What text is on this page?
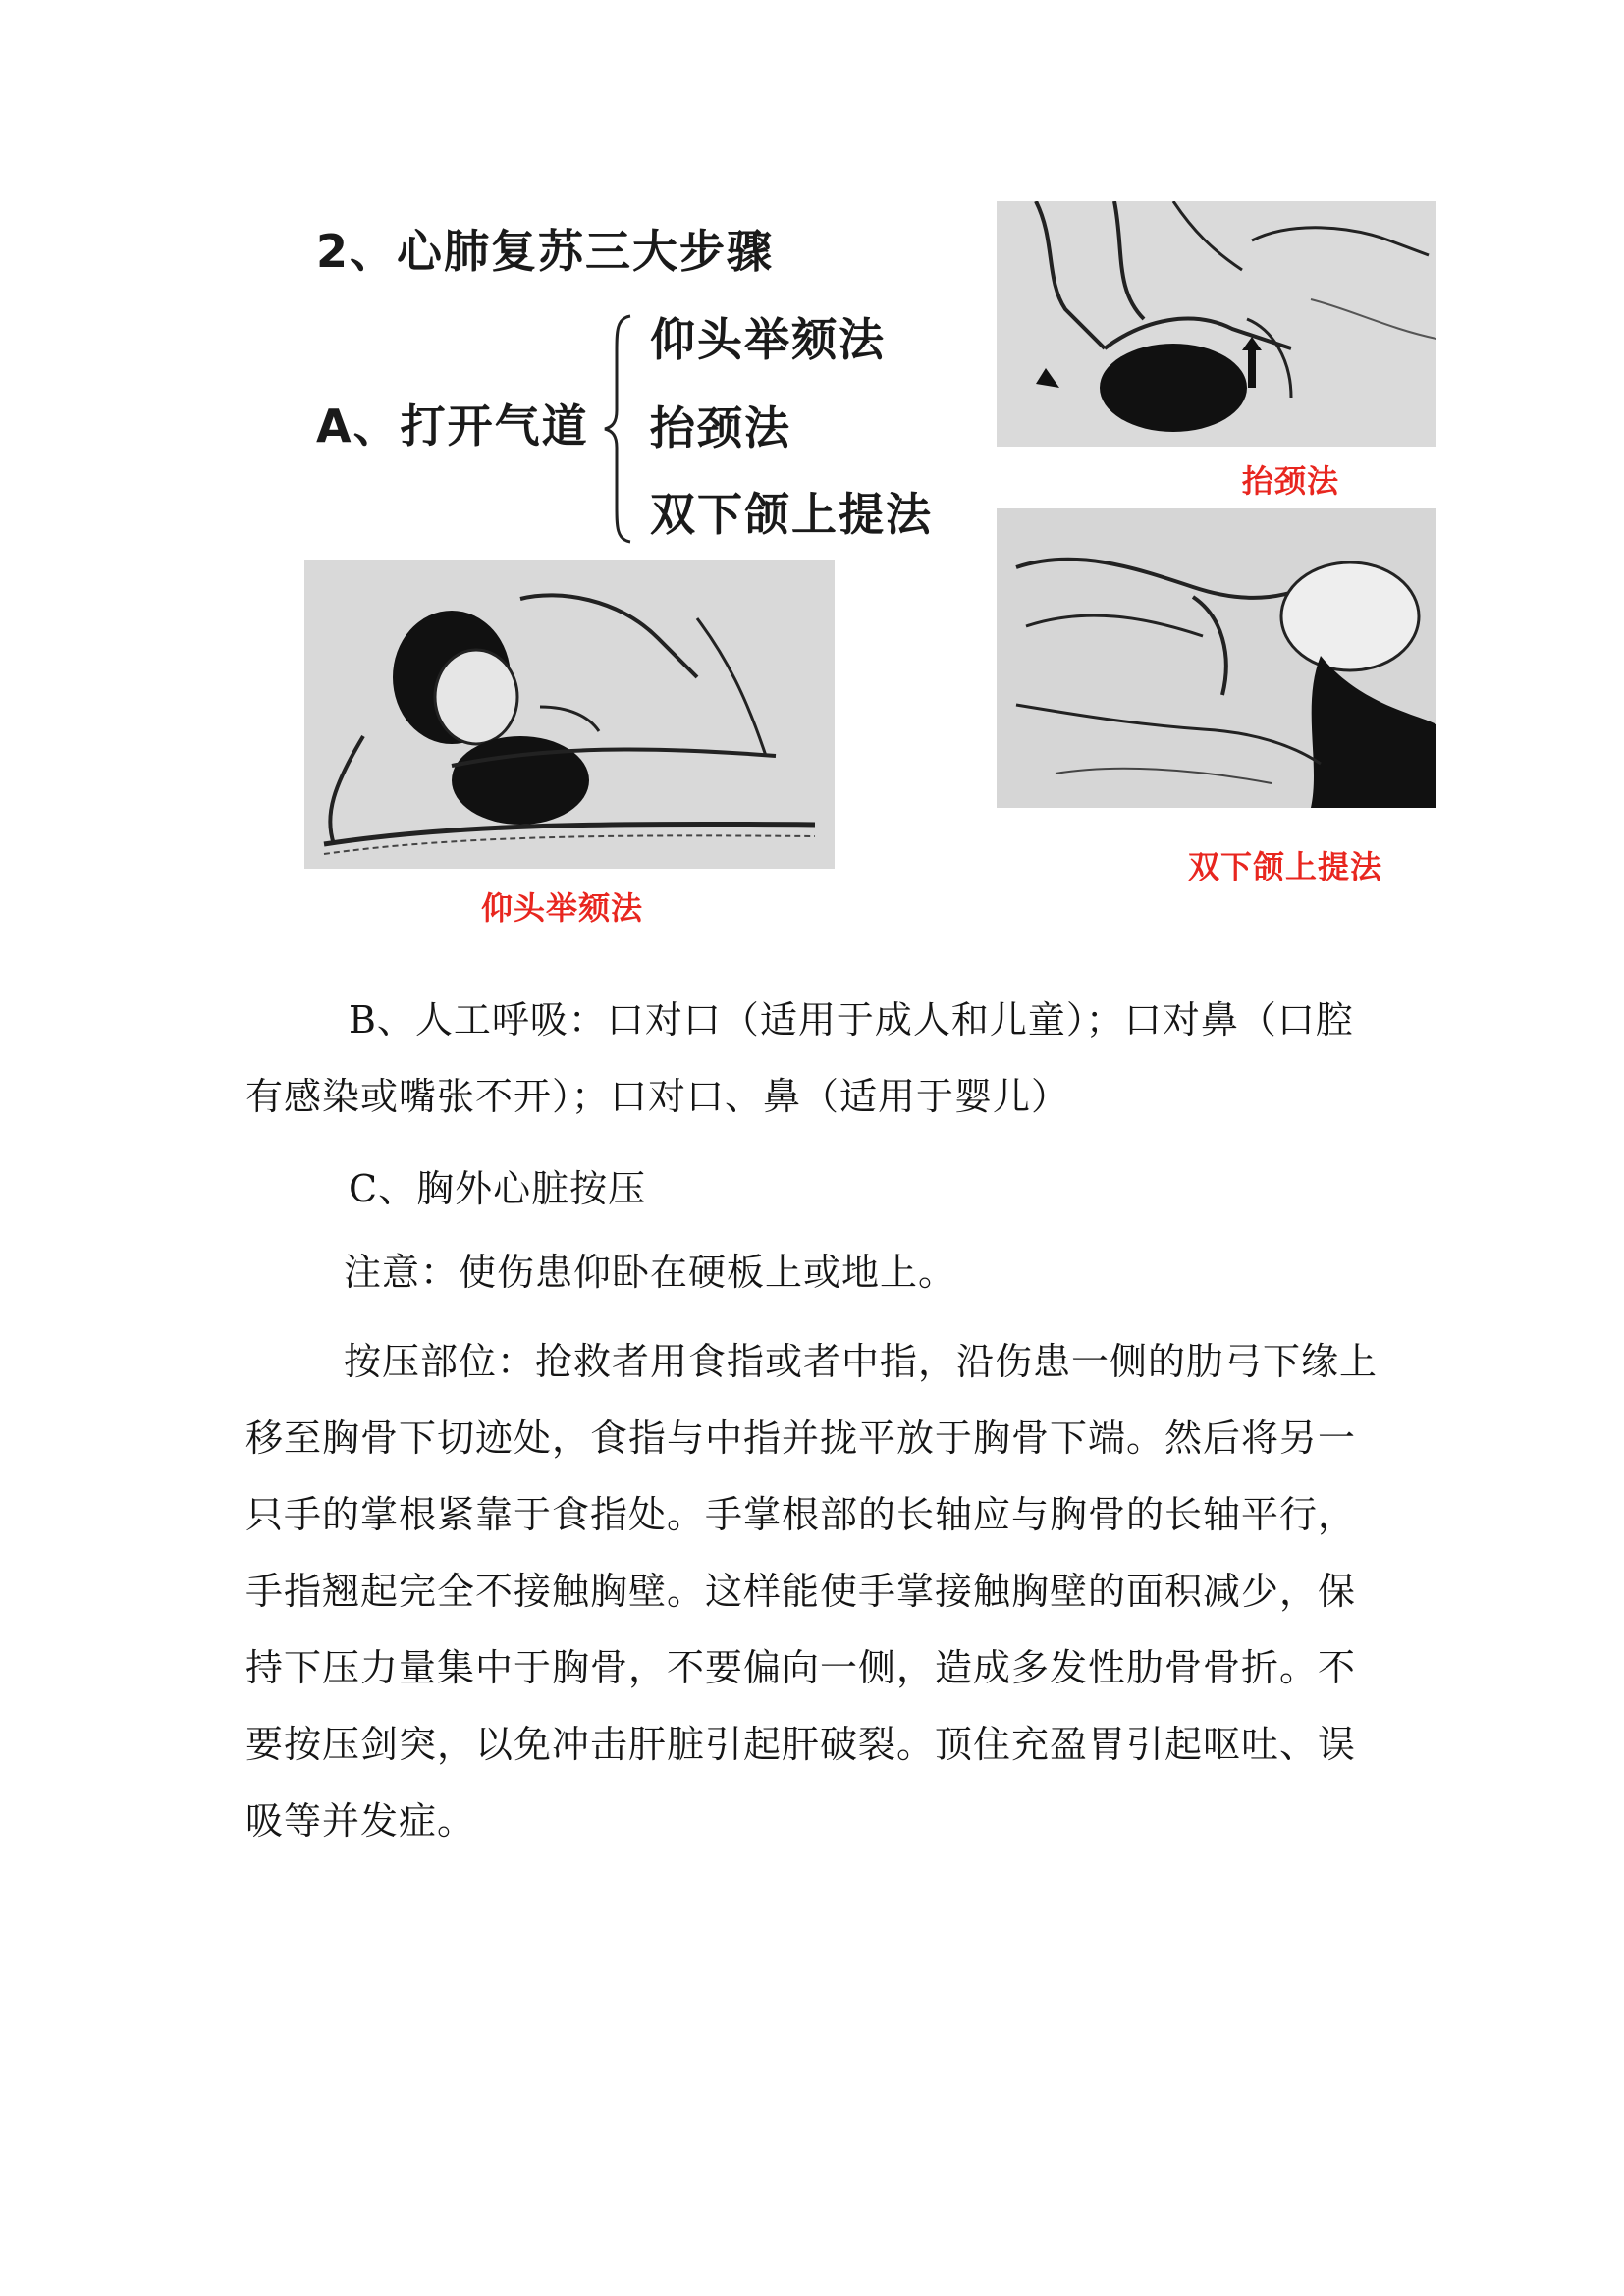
2、心肺复苏三大步骤
A、打开气道
仰头举颏法
抬颈法
双下颌上提法
抬颈法
双下颌上提法
仰头举颏法
B、人工呼吸：口对口（适用于成人和儿童）；口对鼻（口腔有感染或嘴张不开）；口对口、鼻（适用于婴儿）
C、胸外心脏按压
注意：使伤患仰卧在硬板上或地上。
按压部位：抢救者用食指或者中指，沿伤患一侧的肋弓下缘上移至胸骨下切迹处，食指与中指并拢平放于胸骨下端。然后将另一只手的掌根紧靠于食指处。手掌根部的长轴应与胸骨的长轴平行，手指翘起完全不接触胸壁。这样能使手掌接触胸壁的面积减少，保持下压力量集中于胸骨，不要偏向一侧，造成多发性肋骨骨折。不要按压剑突，以免冲击肝脏引起肝破裂。顶住充盈胃引起呕吐、误吸等并发症。
